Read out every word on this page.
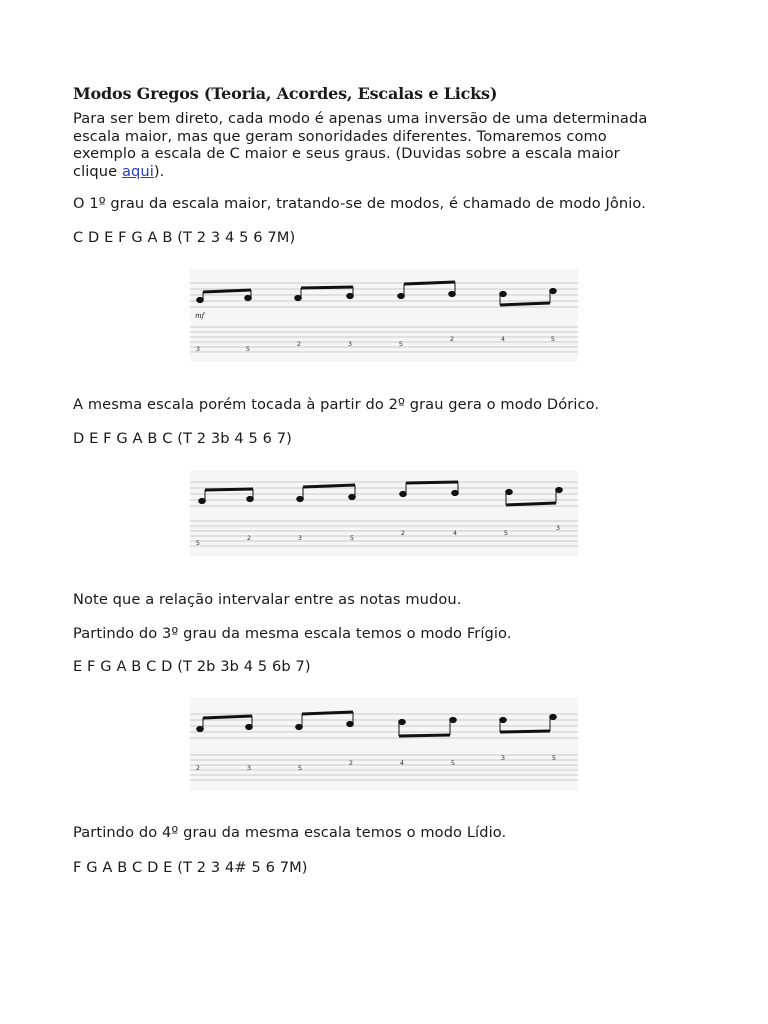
Modos Gregos (Teoria, Acordes, Escalas e Licks)
Para ser bem direto, cada modo é apenas uma inversão de uma determinada
escala maior, mas que geram sonoridades diferentes. Tomaremos como
exemplo a escala de C maior e seus graus. (Duvidas sobre a escala maior
clique aqui).
O 1º grau da escala maior, tratando-se de modos, é chamado de modo Jônio.
C D E F G A B (T 2 3 4 5 6 7M)
mf
3	5
2	3	5
2	4	5
A mesma escala porém tocada à partir do 2º grau gera o modo Dórico.
D E F G A B C (T 2 3b 4 5 6 7)
5
2	3	5
2	4	5
3
Note que a relação intervalar entre as notas mudou.
Partindo do 3º grau da mesma escala temos o modo Frígio.
E F G A B C D (T 2b 3b 4 5 6b 7)
2	3	5
2	4	5
3	5
Partindo do 4º grau da mesma escala temos o modo Lídio.
F G A B C D E (T 2 3 4# 5 6 7M)
